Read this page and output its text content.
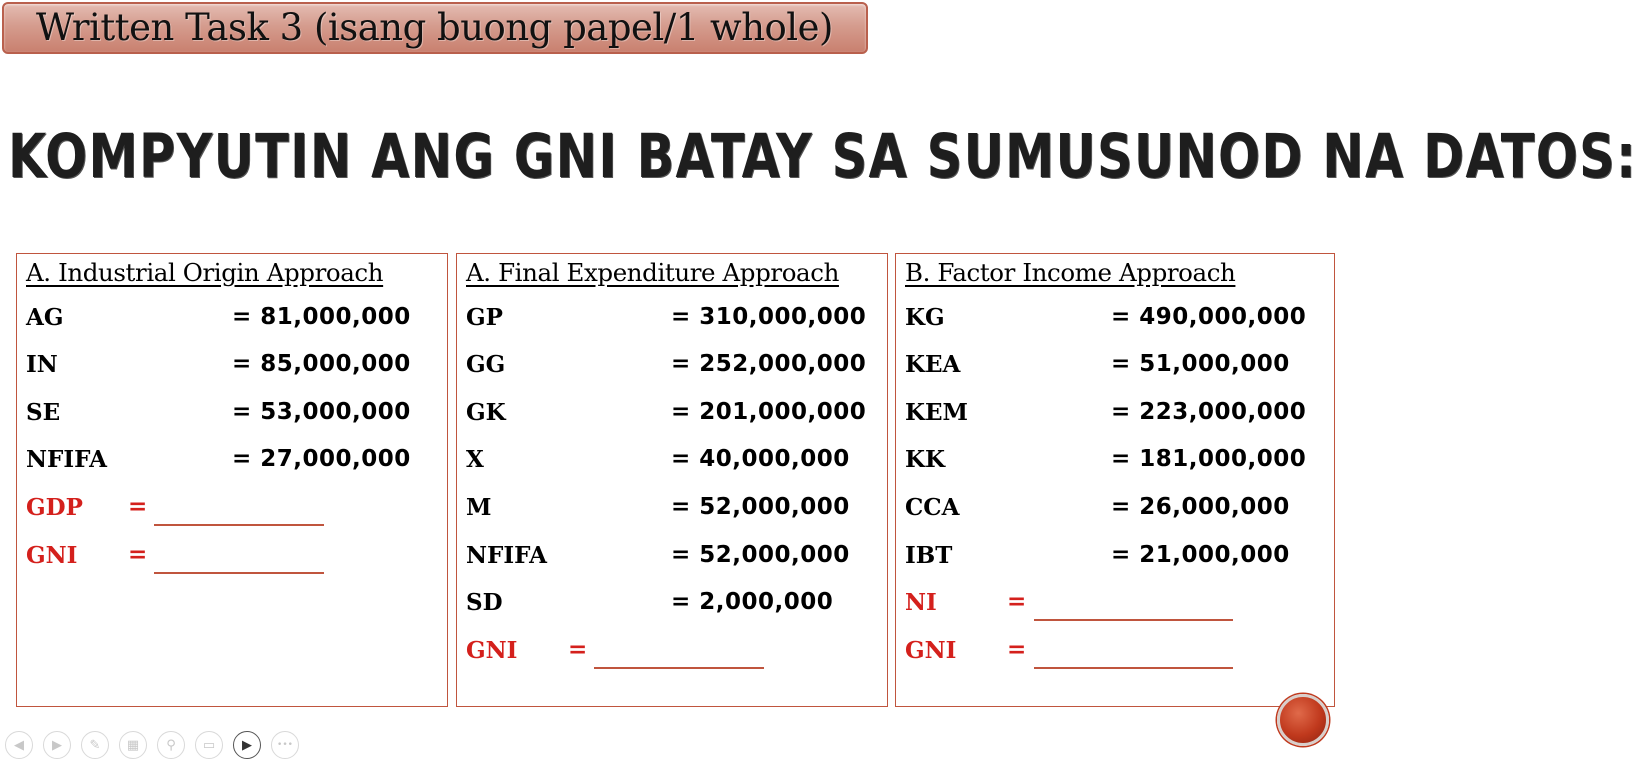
Written Task 3 (isang buong papel/1 whole)
KOMPYUTIN ANG GNI BATAY SA SUMUSUNOD NA DATOS:
A. Industrial Origin Approach
AG	= 81,000,000
IN	= 85,000,000
SE	= 53,000,000
NFIFA	= 27,000,000
GDP =
GNI =
A. Final Expenditure Approach
GP	= 310,000,000
GG	= 252,000,000
GK	= 201,000,000
X	= 40,000,000
M	= 52,000,000
NFIFA	= 52,000,000
SD	= 2,000,000
GNI =
B. Factor Income Approach
KG	= 490,000,000
KEA	= 51,000,000
KEM	= 223,000,000
KK	= 181,000,000
CCA	= 26,000,000
IBT	= 21,000,000
NI	=
GNI =
◀ ▶ ✎ ▦ ⚲ ▭ ▶	•••
